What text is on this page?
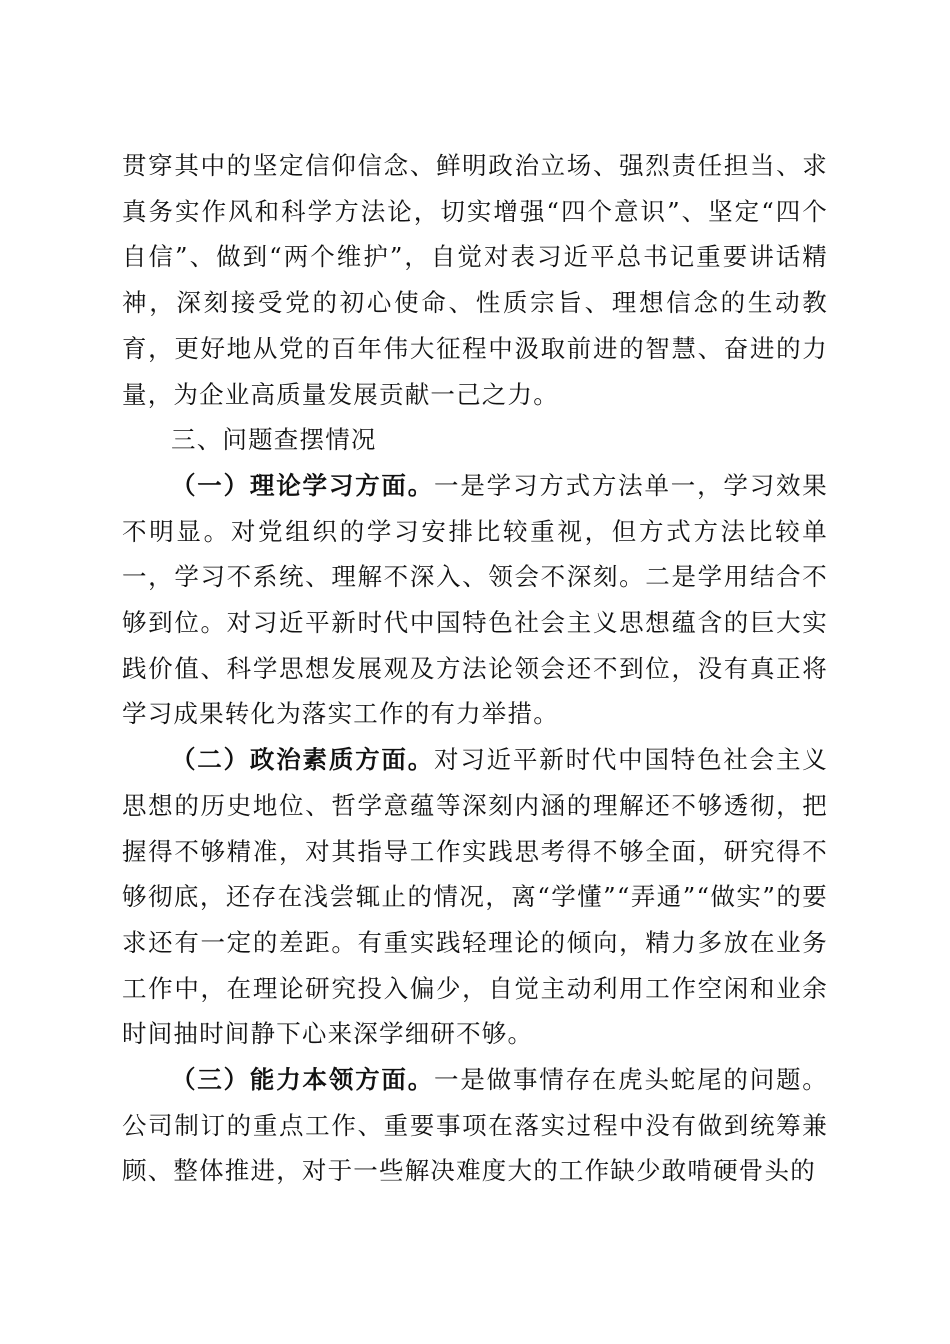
贯穿其中的坚定信仰信念、鲜明政治立场、强烈责任担当、求真务实作风和科学方法论，切实增强“四个意识”、坚定“四个自信”、做到“两个维护”，自觉对表习近平总书记重要讲话精神，深刻接受党的初心使命、性质宗旨、理想信念的生动教育，更好地从党的百年伟大征程中汲取前进的智慧、奋进的力量，为企业高质量发展贡献一己之力。

三、问题查摆情况

（一）理论学习方面。一是学习方式方法单一，学习效果不明显。对党组织的学习安排比较重视，但方式方法比较单一，学习不系统、理解不深入、领会不深刻。二是学用结合不够到位。对习近平新时代中国特色社会主义思想蕴含的巨大实践价值、科学思想发展观及方法论领会还不到位，没有真正将学习成果转化为落实工作的有力举措。

（二）政治素质方面。对习近平新时代中国特色社会主义思想的历史地位、哲学意蕴等深刻内涵的理解还不够透彻，把握得不够精准，对其指导工作实践思考得不够全面，研究得不够彻底，还存在浅尝辄止的情况，离“学懂”“弄通”“做实”的要求还有一定的差距。有重实践轻理论的倾向，精力多放在业务工作中，在理论研究投入偏少，自觉主动利用工作空闲和业余时间抽时间静下心来深学细研不够。

（三）能力本领方面。一是做事情存在虎头蛇尾的问题。公司制订的重点工作、重要事项在落实过程中没有做到统筹兼顾、整体推进，对于一些解决难度大的工作缺少敢啃硬骨头的
